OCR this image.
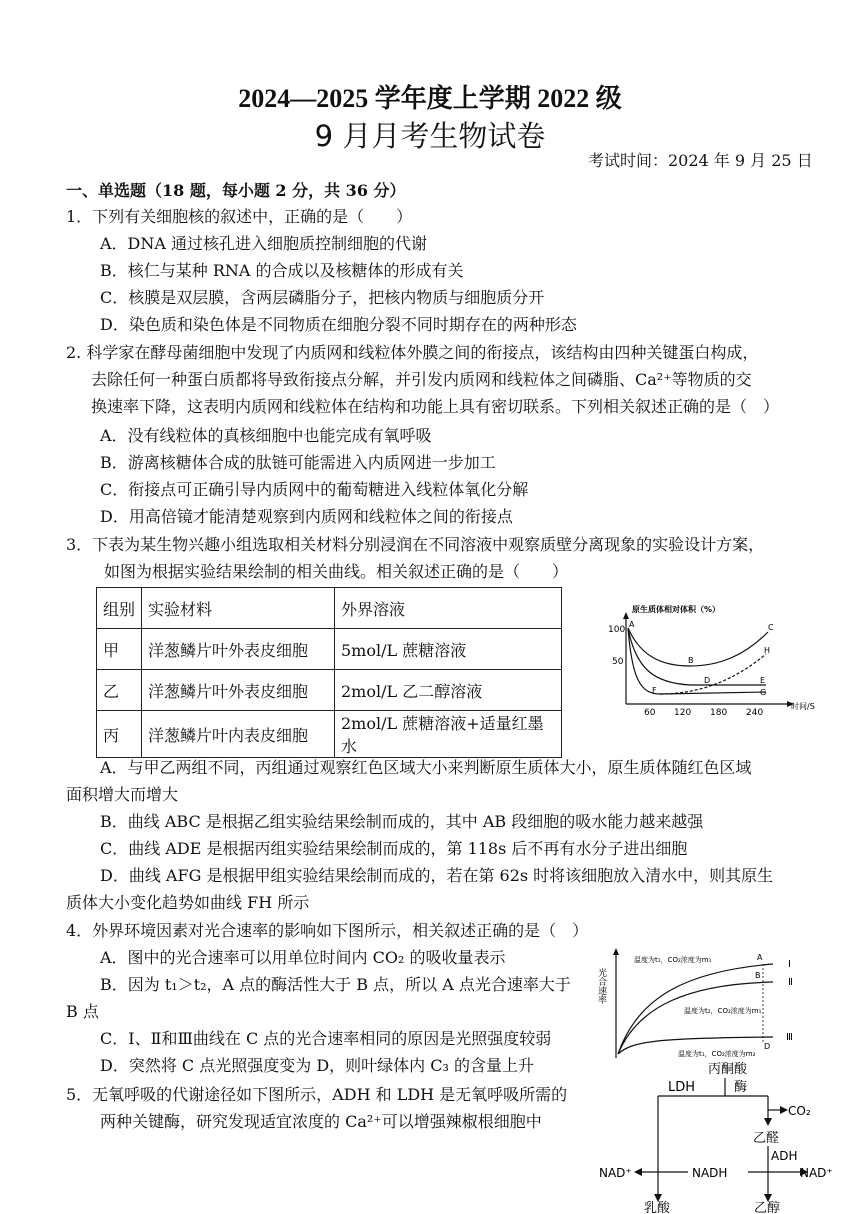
2024—2025 学年度上学期 2022 级
9 月月考生物试卷
考试时间：2024 年 9 月 25 日
一、单选题（18 题，每小题 2 分，共 36 分）
1．下列有关细胞核的叙述中，正确的是（　　）
A．DNA 通过核孔进入细胞质控制细胞的代谢
B．核仁与某种 RNA 的合成以及核糖体的形成有关
C．核膜是双层膜，含两层磷脂分子，把核内物质与细胞质分开
D．染色质和染色体是不同物质在细胞分裂不同时期存在的两种形态
2. 科学家在酵母菌细胞中发现了内质网和线粒体外膜之间的衔接点，该结构由四种关键蛋白构成，
去除任何一种蛋白质都将导致衔接点分解，并引发内质网和线粒体之间磷脂、Ca²⁺等物质的交
换速率下降，这表明内质网和线粒体在结构和功能上具有密切联系。下列相关叙述正确的是（　）
A．没有线粒体的真核细胞中也能完成有氧呼吸
B．游离核糖体合成的肽链可能需进入内质网进一步加工
C．衔接点可正确引导内质网中的葡萄糖进入线粒体氧化分解
D．用高倍镜才能清楚观察到内质网和线粒体之间的衔接点
3．下表为某生物兴趣小组选取相关材料分别浸润在不同溶液中观察质壁分离现象的实验设计方案，
如图为根据实验结果绘制的相关曲线。相关叙述正确的是（　　）
组别	实验材料	外界溶液
甲	洋葱鳞片叶外表皮细胞	5mol/L 蔗糖溶液
乙	洋葱鳞片叶外表皮细胞	2mol/L 乙二醇溶液
丙	洋葱鳞片叶内表皮细胞	2mol/L 蔗糖溶液+适量红墨水
原生质体相对体积（%）
100
50
60 120 180 240
时间/S
A
B
C
D	E
F	G
H
A．与甲乙两组不同，丙组通过观察红色区域大小来判断原生质体大小，原生质体随红色区域
面积增大而增大
B．曲线 ABC 是根据乙组实验结果绘制而成的，其中 AB 段细胞的吸水能力越来越强
C．曲线 ADE 是根据丙组实验结果绘制而成的，第 118s 后不再有水分子进出细胞
D．曲线 AFG 是根据甲组实验结果绘制而成的，若在第 62s 时将该细胞放入清水中，则其原生
质体大小变化趋势如曲线 FH 所示
4．外界环境因素对光合速率的影响如下图所示，相关叙述正确的是（　）
A．图中的光合速率可以用单位时间内 CO₂ 的吸收量表示
B．因为 t₁＞t₂，A 点的酶活性大于 B 点，所以 A 点光合速率大于
B 点
C．Ⅰ、Ⅱ和Ⅲ曲线在 C 点的光合速率相同的原因是光照强度较弱
D．突然将 C 点光照强度变为 D，则叶绿体内 C₃ 的含量上升
光合速率
温度为t₁，CO₂浓度为m₁
温度为t₂，CO₂浓度为m₁
温度为t₁，CO₂浓度为m₂
A
B
D
Ⅰ
Ⅱ
Ⅲ
5．无氧呼吸的代谢途径如下图所示，ADH 和 LDH 是无氧呼吸所需的
两种关键酶，研究发现适宜浓度的 Ca²⁺可以增强辣椒根细胞中
丙酮酸
LDH	酶
CO₂
乙醛
ADH
NADH
NAD⁺	NAD⁺
乳酸	乙醇
